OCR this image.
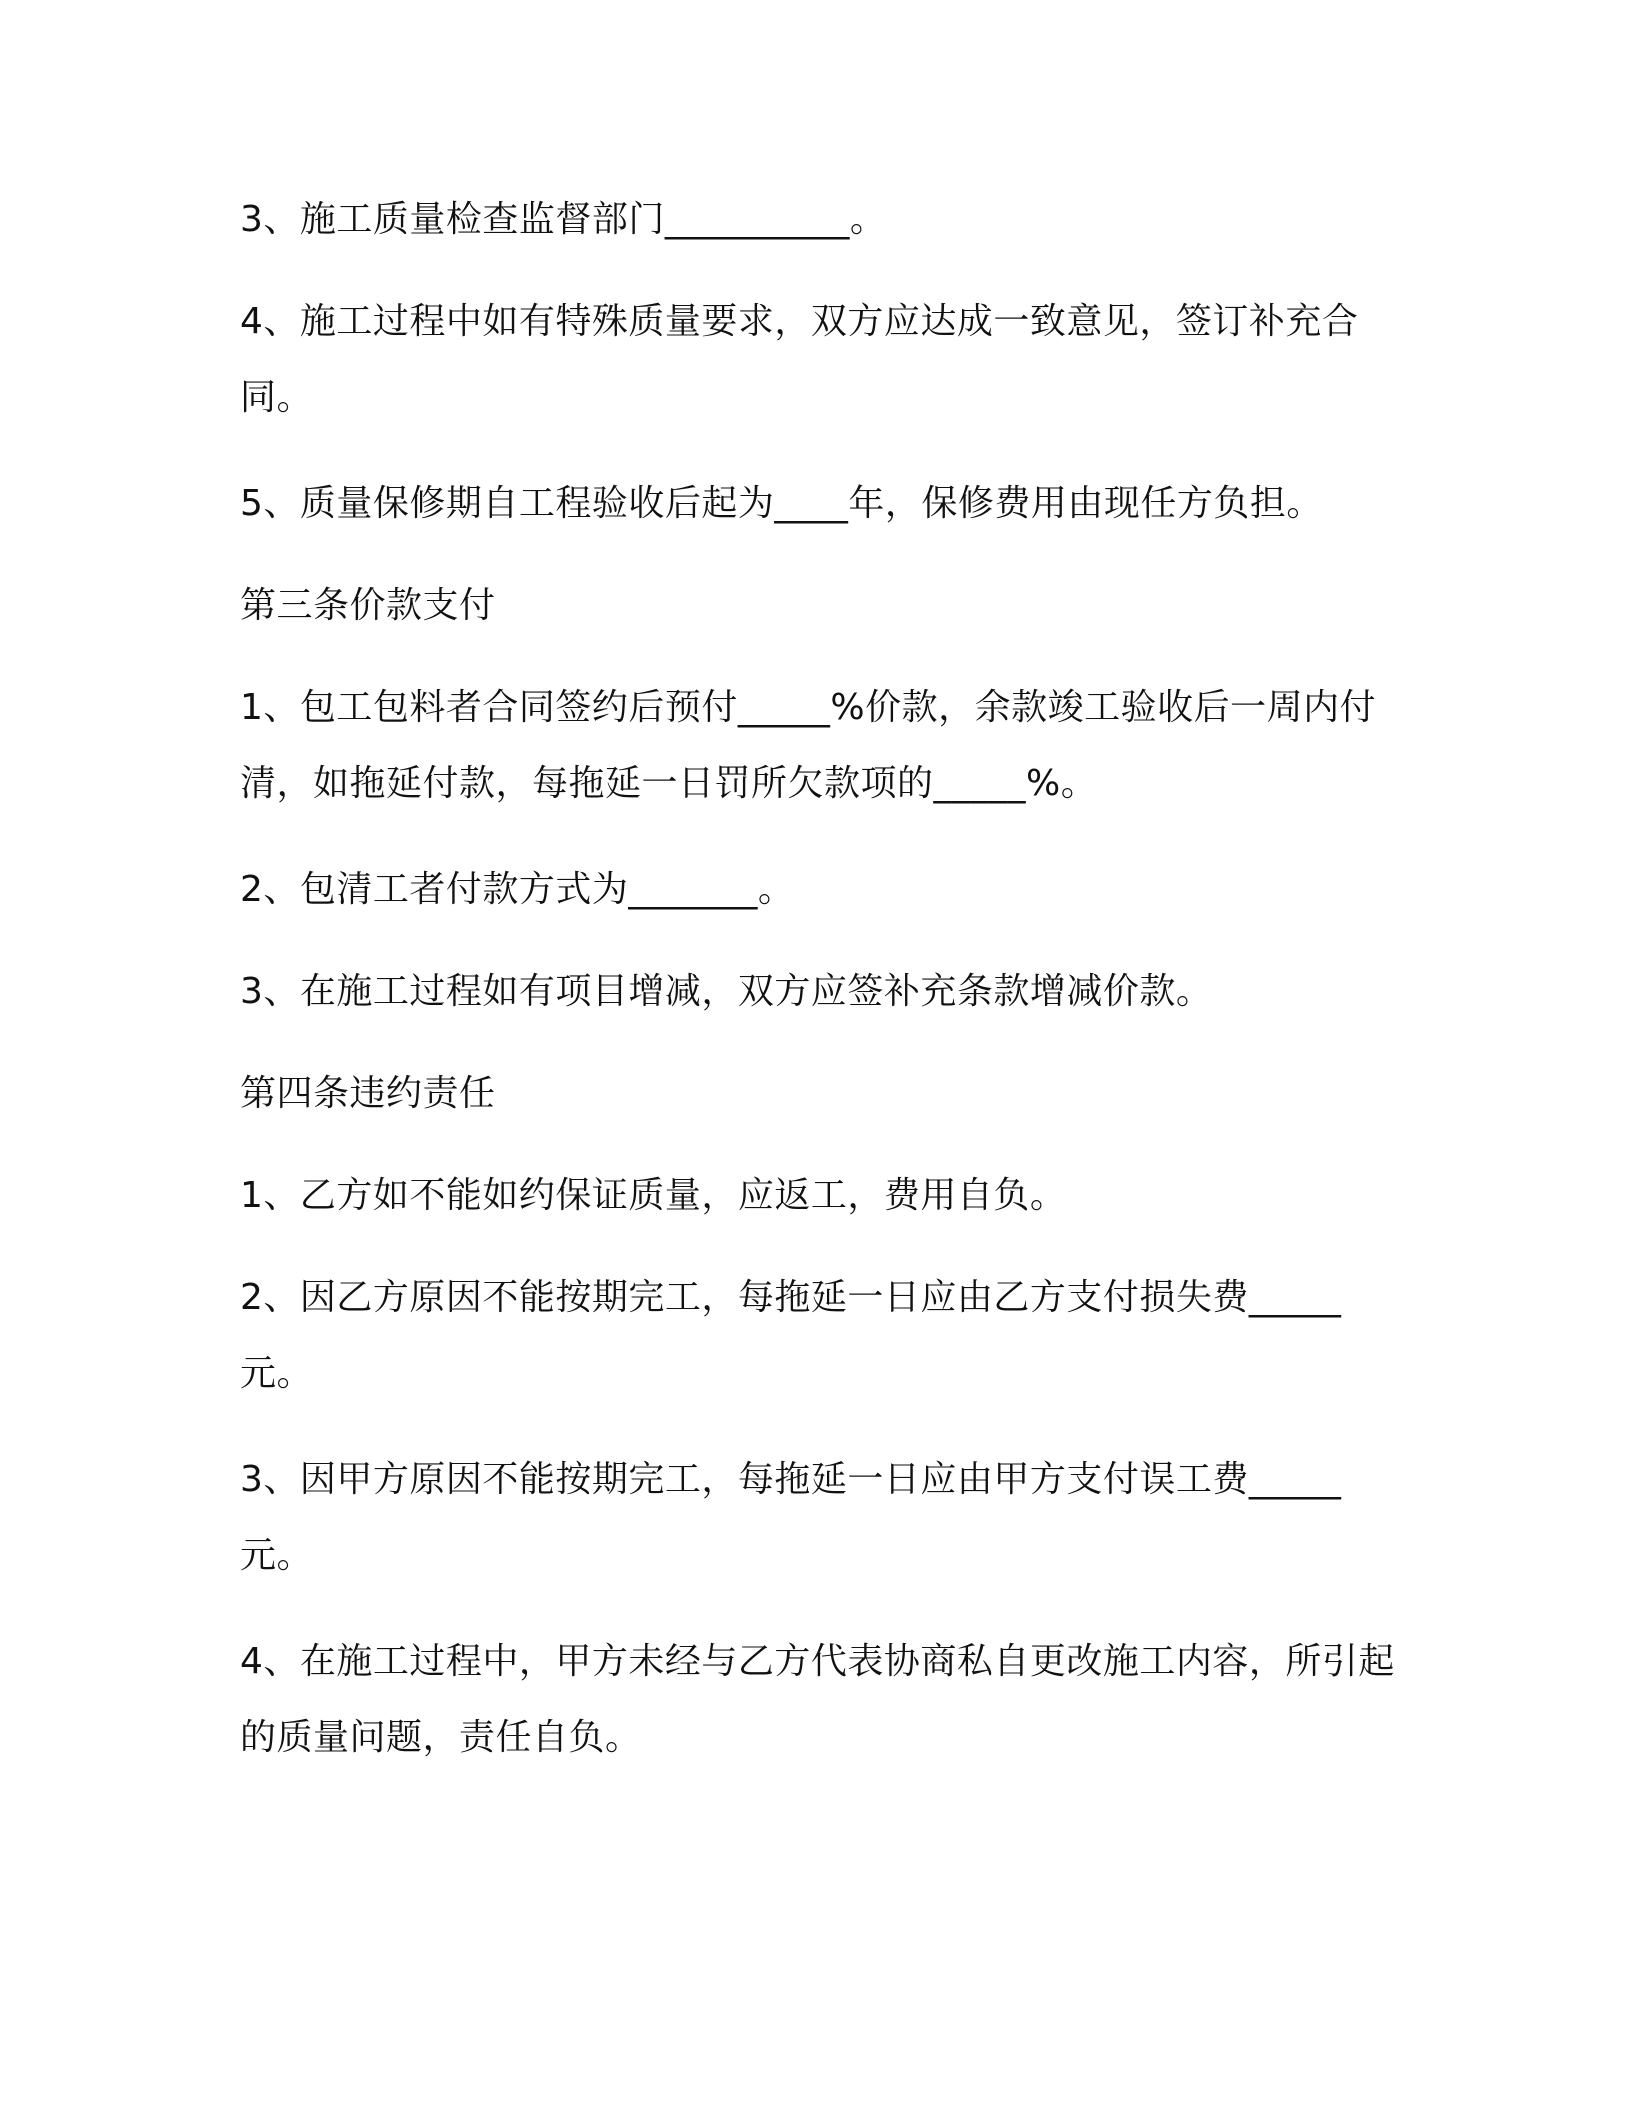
3、施工质量检查监督部门__________。

4、施工过程中如有特殊质量要求，双方应达成一致意见，签订补充合同。

5、质量保修期自工程验收后起为____年，保修费用由现任方负担。

第三条价款支付

1、包工包料者合同签约后预付_____%价款，余款竣工验收后一周内付清，如拖延付款，每拖延一日罚所欠款项的_____%。

2、包清工者付款方式为_______。

3、在施工过程如有项目增减，双方应签补充条款增减价款。

第四条违约责任

1、乙方如不能如约保证质量，应返工，费用自负。

2、因乙方原因不能按期完工，每拖延一日应由乙方支付损失费_____元。

3、因甲方原因不能按期完工，每拖延一日应由甲方支付误工费_____元。

4、在施工过程中，甲方未经与乙方代表协商私自更改施工内容，所引起的质量问题，责任自负。
